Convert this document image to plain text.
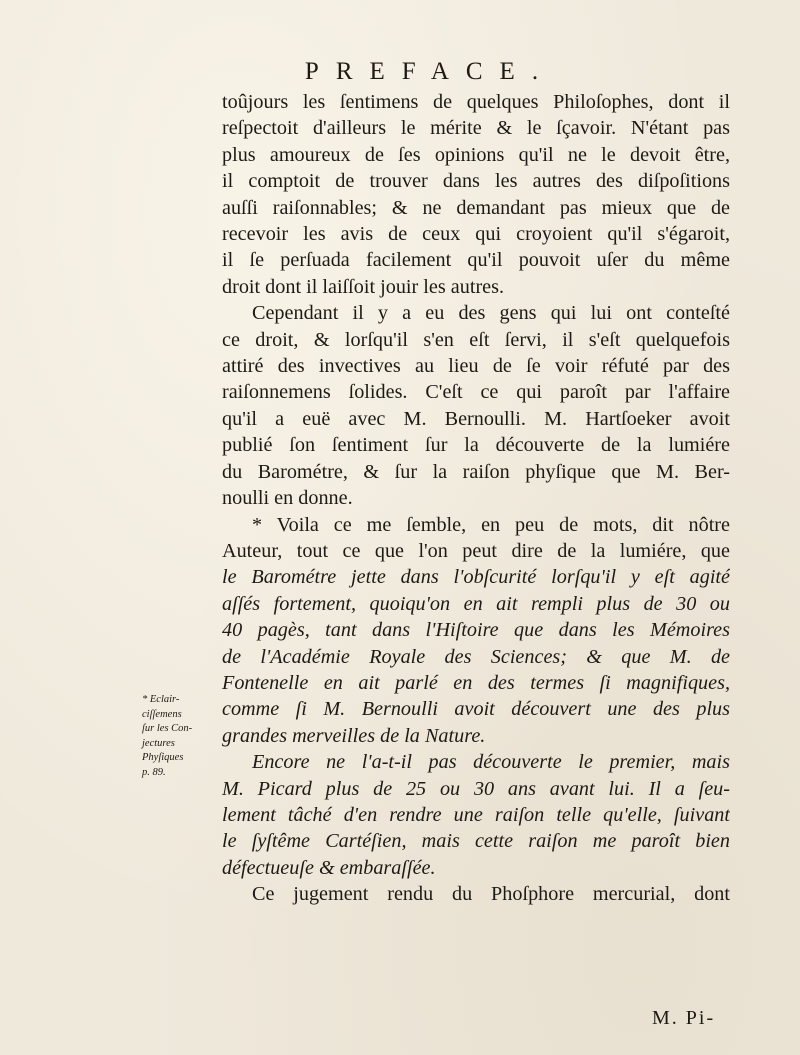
PREFACE.
toûjours les ſentimens de quelques Philoſophes, dont il
reſpectoit d'ailleurs le mérite & le ſçavoir. N'étant pas
plus amoureux de ſes opinions qu'il ne le devoit être,
il comptoit de trouver dans les autres des diſpoſitions
auſſi raiſonnables; & ne demandant pas mieux que de
recevoir les avis de ceux qui croyoient qu'il s'égaroit,
il ſe perſuada facilement qu'il pouvoit uſer du même
droit dont il laiſſoit jouir les autres.
Cependant il y a eu des gens qui lui ont conteſté
ce droit, & lorſqu'il s'en eſt ſervi, il s'eſt quelquefois
attiré des invectives au lieu de ſe voir réfuté par des
raiſonnemens ſolides. C'eſt ce qui paroît par l'affaire
qu'il a euë avec M. Bernoulli. M. Hartſoeker avoit
publié ſon ſentiment ſur la découverte de la lumiére
du Barométre, & ſur la raiſon phyſique que M. Ber-
noulli en donne.
* Voila ce me ſemble, en peu de mots, dit nôtre
Auteur, tout ce que l'on peut dire de la lumiére, que
le Barométre jette dans l'obſcurité lorſqu'il y eſt agité
aſſés fortement, quoiqu'on en ait rempli plus de 30 ou
40 pagès, tant dans l'Hiſtoire que dans les Mémoires
de l'Académie Royale des Sciences; & que M. de
Fontenelle en ait parlé en des termes ſi magnifiques,
comme ſi M. Bernoulli avoit découvert une des plus
grandes merveilles de la Nature.
Encore ne l'a-t-il pas découverte le premier, mais
M. Picard plus de 25 ou 30 ans avant lui. Il a ſeu-
lement tâché d'en rendre une raiſon telle qu'elle, ſuivant
le ſyſtême Cartéſien, mais cette raiſon me paroît bien
défectueuſe & embaraſſée.
Ce jugement rendu du Phoſphore mercurial, dont
* Eclair-
ciſſemens
ſur les Con-
jectures
Phyſiques
p. 89.
M. Pi-
